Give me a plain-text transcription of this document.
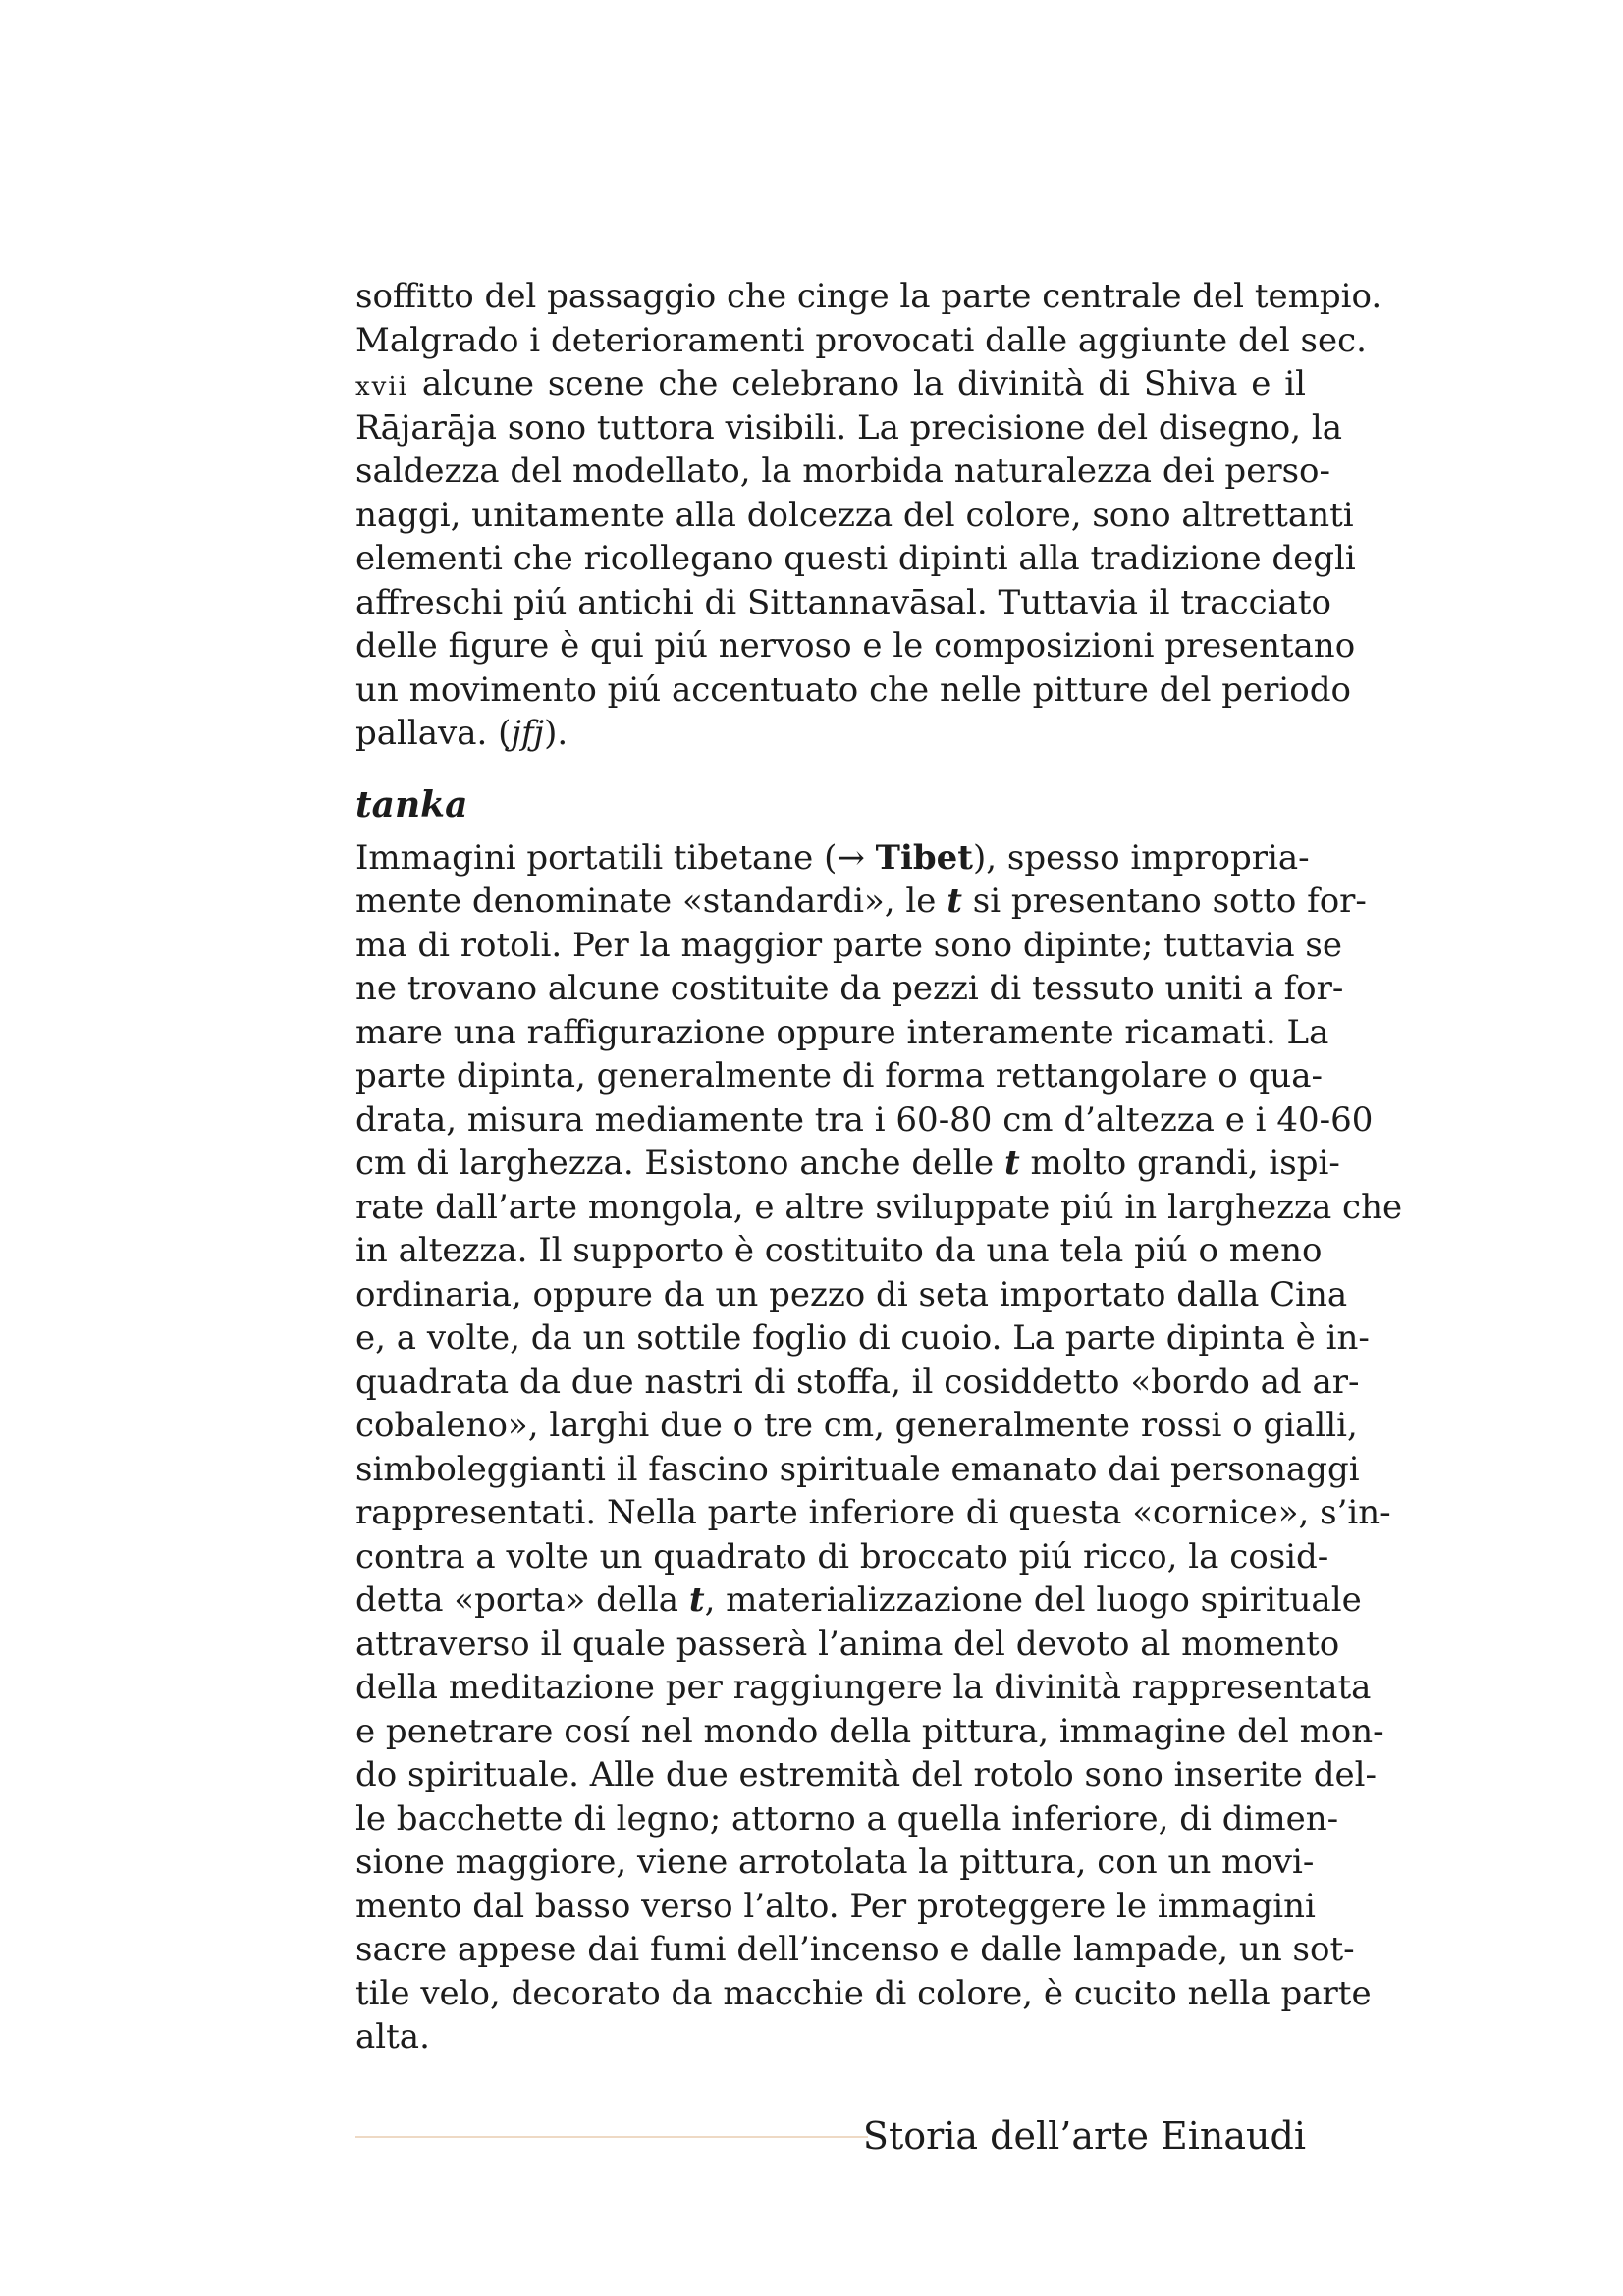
soffitto del passaggio che cinge la parte centrale del tempio.
Malgrado i deterioramenti provocati dalle aggiunte del sec.
xvii alcune scene che celebrano la divinità di Shiva e il
Rājarāja sono tuttora visibili. La precisione del disegno, la
saldezza del modellato, la morbida naturalezza dei perso-
naggi, unitamente alla dolcezza del colore, sono altrettanti
elementi che ricollegano questi dipinti alla tradizione degli
affreschi piú antichi di Sittannavāsal. Tuttavia il tracciato
delle figure è qui piú nervoso e le composizioni presentano
un movimento piú accentuato che nelle pitture del periodo
pallava. (jfj).
tanka
Immagini portatili tibetane (→ Tibet), spesso impropria-
mente denominate «standardi», le t si presentano sotto for-
ma di rotoli. Per la maggior parte sono dipinte; tuttavia se
ne trovano alcune costituite da pezzi di tessuto uniti a for-
mare una raffigurazione oppure interamente ricamati. La
parte dipinta, generalmente di forma rettangolare o qua-
drata, misura mediamente tra i 60-80 cm d’altezza e i 40-60
cm di larghezza. Esistono anche delle t molto grandi, ispi-
rate dall’arte mongola, e altre sviluppate piú in larghezza che
in altezza. Il supporto è costituito da una tela piú o meno
ordinaria, oppure da un pezzo di seta importato dalla Cina
e, a volte, da un sottile foglio di cuoio. La parte dipinta è in-
quadrata da due nastri di stoffa, il cosiddetto «bordo ad ar-
cobaleno», larghi due o tre cm, generalmente rossi o gialli,
simboleggianti il fascino spirituale emanato dai personaggi
rappresentati. Nella parte inferiore di questa «cornice», s’in-
contra a volte un quadrato di broccato piú ricco, la cosid-
detta «porta» della t, materializzazione del luogo spirituale
attraverso il quale passerà l’anima del devoto al momento
della meditazione per raggiungere la divinità rappresentata
e penetrare cosí nel mondo della pittura, immagine del mon-
do spirituale. Alle due estremità del rotolo sono inserite del-
le bacchette di legno; attorno a quella inferiore, di dimen-
sione maggiore, viene arrotolata la pittura, con un movi-
mento dal basso verso l’alto. Per proteggere le immagini
sacre appese dai fumi dell’incenso e dalle lampade, un sot-
tile velo, decorato da macchie di colore, è cucito nella parte
alta.
Storia dell’arte Einaudi
